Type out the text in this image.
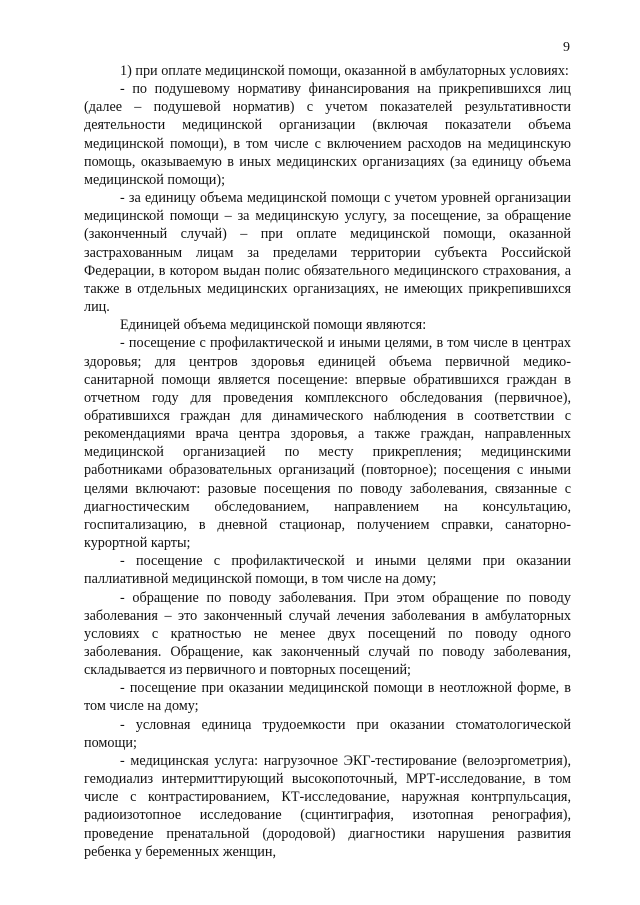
9

1) при оплате медицинской помощи, оказанной в амбулаторных условиях:

- по подушевому нормативу финансирования на прикрепившихся лиц (далее – подушевой норматив) с учетом показателей результативности деятельности медицинской организации (включая показатели объема медицинской помощи), в том числе с включением расходов на медицинскую помощь, оказываемую в иных медицинских организациях (за единицу объема медицинской помощи);

- за единицу объема медицинской помощи с учетом уровней организации медицинской помощи – за медицинскую услугу, за посещение, за обращение (законченный случай) – при оплате медицинской помощи, оказанной застрахованным лицам за пределами территории субъекта Российской Федерации, в котором выдан полис обязательного медицинского страхования, а также в отдельных медицинских организациях, не имеющих прикрепившихся лиц.

Единицей объема медицинской помощи являются:

- посещение с профилактической и иными целями, в том числе в центрах здоровья; для центров здоровья единицей объема первичной медико-санитарной помощи является посещение: впервые обратившихся граждан в отчетном году для проведения комплексного обследования (первичное), обратившихся граждан для динамического наблюдения в соответствии с рекомендациями врача центра здоровья, а также граждан, направленных медицинской организацией по месту прикрепления; медицинскими работниками образовательных организаций (повторное); посещения с иными целями включают: разовые посещения по поводу заболевания, связанные с диагностическим обследованием, направлением на консультацию, госпитализацию, в дневной стационар, получением справки, санаторно-курортной карты;

- посещение с профилактической и иными целями при оказании паллиативной медицинской помощи, в том числе на дому;

- обращение по поводу заболевания. При этом обращение по поводу заболевания – это законченный случай лечения заболевания в амбулаторных условиях с кратностью не менее двух посещений по поводу одного заболевания. Обращение, как законченный случай по поводу заболевания, складывается из первичного и повторных посещений;

- посещение при оказании медицинской помощи в неотложной форме, в том числе на дому;

- условная единица трудоемкости при оказании стоматологической помощи;

- медицинская услуга: нагрузочное ЭКГ-тестирование (велоэргометрия), гемодиализ интермиттирующий высокопоточный, МРТ-исследование, в том числе с контрастированием, КТ-исследование, наружная контрпульсация, радиоизотопное исследование (сцинтиграфия, изотопная ренография), проведение пренатальной (дородовой) диагностики нарушения развития ребенка у беременных женщин,
